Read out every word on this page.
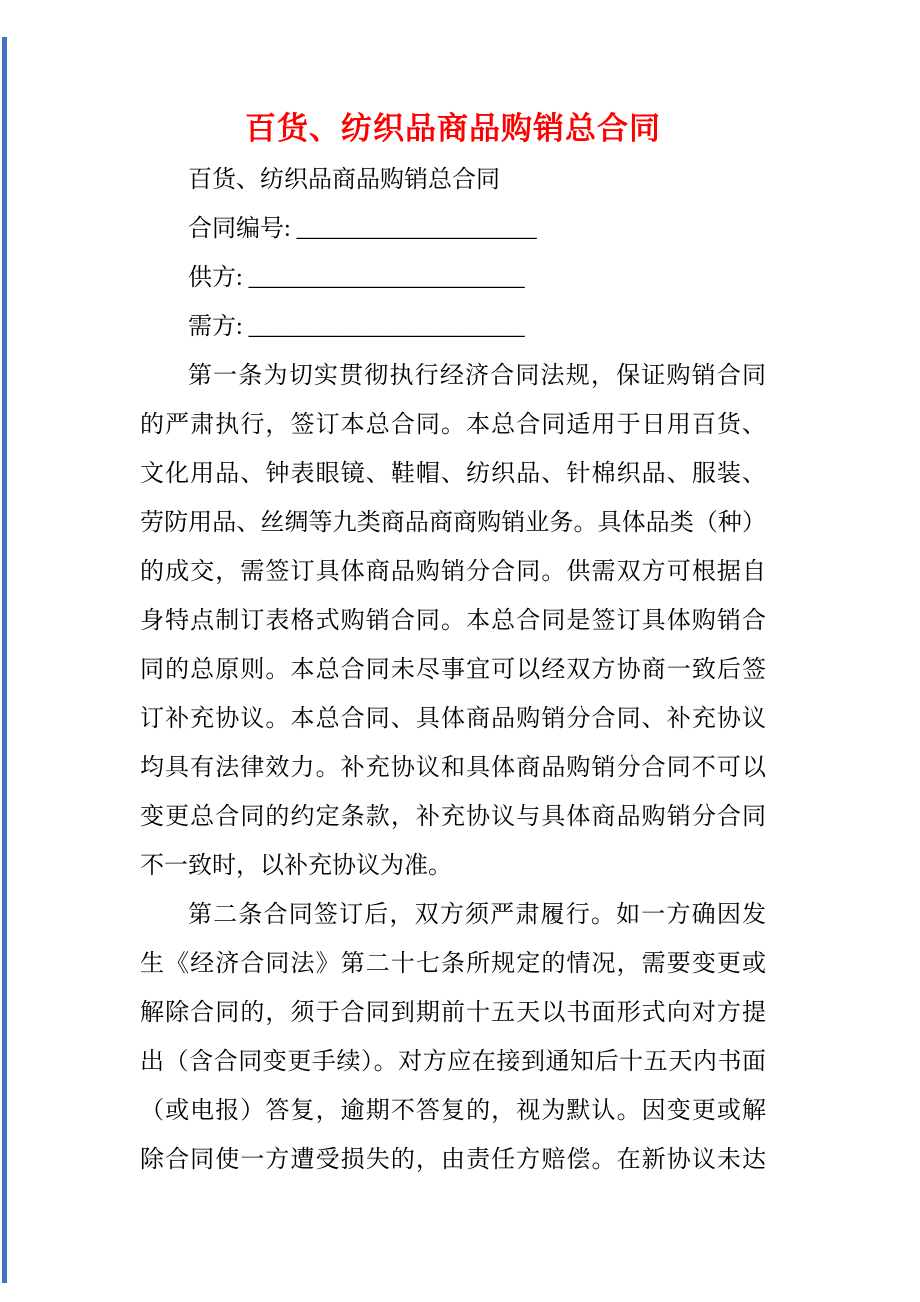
百货、纺织品商品购销总合同
百货、纺织品商品购销总合同
合同编号: ____________________
供方: _______________________
需方: _______________________
第一条为切实贯彻执行经济合同法规，保证购销合同
的严肃执行，签订本总合同。本总合同适用于日用百货、
文化用品、钟表眼镜、鞋帽、纺织品、针棉织品、服装、
劳防用品、丝绸等九类商品商商购销业务。具体品类（种）
的成交，需签订具体商品购销分合同。供需双方可根据自
身特点制订表格式购销合同。本总合同是签订具体购销合
同的总原则。本总合同未尽事宜可以经双方协商一致后签
订补充协议。本总合同、具体商品购销分合同、补充协议
均具有法律效力。补充协议和具体商品购销分合同不可以
变更总合同的约定条款，补充协议与具体商品购销分合同
不一致时，以补充协议为准。
第二条合同签订后，双方须严肃履行。如一方确因发
生《经济合同法》第二十七条所规定的情况，需要变更或
解除合同的，须于合同到期前十五天以书面形式向对方提
出（含合同变更手续）。对方应在接到通知后十五天内书面
（或电报）答复，逾期不答复的，视为默认。因变更或解
除合同使一方遭受损失的，由责任方赔偿。在新协议未达
